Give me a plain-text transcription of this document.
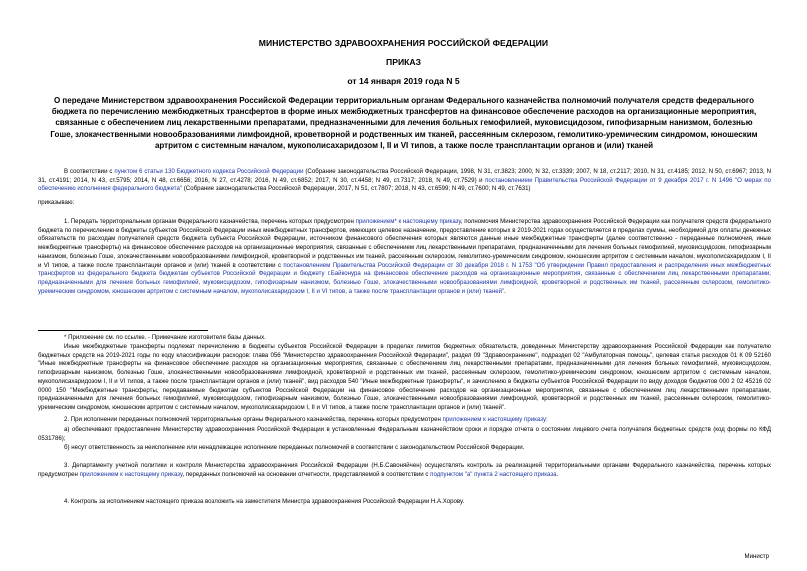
МИНИСТЕРСТВО ЗДРАВООХРАНЕНИЯ РОССИЙСКОЙ ФЕДЕРАЦИИ
ПРИКАЗ
от 14 января 2019 года N 5
О передаче Министерством здравоохранения Российской Федерации территориальным органам Федерального казначейства полномочий получателя средств федерального бюджета по перечислению межбюджетных трансфертов в форме иных межбюджетных трансфертов на финансовое обеспечение расходов на организационные мероприятия, связанные с обеспечением лиц лекарственными препаратами, предназначенными для лечения больных гемофилией, муковисцидозом, гипофизарным нанизмом, болезнью Гоше, злокачественными новообразованиями лимфоидной, кроветворной и родственных им тканей, рассеянным склерозом, гемолитико-уремическим синдромом, юношеским артритом с системным началом, мукополисахаридозом I, II и VI типов, а также после трансплантации органов и (или) тканей
В соответствии с пунктом 6 статьи 130 Бюджетного кодекса Российской Федерации (Собрание законодательства Российской Федерации, 1998, N 31, ст.3823; 2000, N 32, ст.3339; 2007, N 18, ст.2117; 2010, N 31, ст.4185; 2012, N 50, ст.6967; 2013, N 31, ст.4191; 2014, N 43, ст.5795; 2014, N 48, ст.6656; 2016, N 27, ст.4278; 2016, N 49, ст.6852; 2017, N 30, ст.4458; N 49, ст.7317; 2018, N 49, ст.7529) и постановлением Правительства Российской Федерации от 9 декабря 2017 г. N 1496 "О мерах по обеспечению исполнения федерального бюджета" (Собрание законодательства Российской Федерации, 2017, N 51, ст.7807; 2018, N 43, ст.6599; N 49, ст.7600; N 49, ст.7631)
приказываю:
1. Передать территориальным органам Федерального казначейства, перечень которых предусмотрен приложением* к настоящему приказу, полномочия Министерства здравоохранения Российской Федерации как получателя средств федерального бюджета по перечислению в бюджеты субъектов Российской Федерации иных межбюджетных трансфертов, имеющих целевое назначение, предоставление которых в 2019-2021 годах осуществляется в пределах суммы, необходимой для оплаты денежных обязательств по расходам получателей средств бюджета субъекта Российской Федерации, источником финансового обеспечения которых являются данные иные межбюджетные трансферты (далее соответственно - переданные полномочия, иные межбюджетные трансферты) на финансовое обеспечение расходов на организационные мероприятия, связанные с обеспечением лиц лекарственными препаратами, предназначенными для лечения больных гемофилией, муковисцидозом, гипофизарным нанизмом, болезнью Гоше, злокачественными новообразованиями лимфоидной, кроветворной и родственных им тканей, рассеянным склерозом, гемолитико-уремическим синдромом, юношеским артритом с системным началом, мукополисахаридозом I, II и VI типов, а также после трансплантации органов и (или) тканей в соответствии с постановлением Правительства Российской Федерации от 30 декабря 2018 г. N 1753 "Об утверждении Правил предоставления и распределения иных межбюджетных трансфертов из федерального бюджета бюджетам субъектов Российской Федерации и бюджету г.Байконура на финансовое обеспечение расходов на организационные мероприятия, связанные с обеспечением лиц лекарственными препаратами, предназначенными для лечения больных гемофилией, муковисцидозом, гипофизарным нанизмом, болезнью Гоше, злокачественными новообразованиями лимфоидной, кроветворной и родственных им тканей, рассеянным склерозом, гемолитико-уремическим синдромом, юношеским артритом с системным началом, мукополисахаридозом I, II и VI типов, а также после трансплантации органов и (или) тканей".
* Приложение см. по ссылке. - Примечание изготовителя базы данных.
Иные межбюджетные трансферты подлежат перечислению в бюджеты субъектов Российской Федерации в пределах лимитов бюджетных обязательств, доведенных Министерству здравоохранения Российской Федерации как получателю бюджетных средств на 2019-2021 годы по коду классификации расходов: глава 056 "Министерство здравоохранения Российской Федерации", раздел 09 "Здравоохранение", подраздел 02 "Амбулаторная помощь", целевая статья расходов 01 К 09 52160 "Иные межбюджетные трансферты на финансовое обеспечение расходов на организационные мероприятия, связанные с обеспечением лиц лекарственными препаратами, предназначенными для лечения больных гемофилией, муковисцидозом, гипофизарным нанизмом, болезнью Гоше, злокачественными новообразованиями лимфоидной, кроветворной и родственных им тканей, рассеянным склерозом, гемолитико-уремическим синдромом, юношеским артритом с системным началом, мукополисахаридозом I, II и VI типов, а также после трансплантации органов и (или) тканей", вид расходов 540 "Иные межбюджетные трансферты", и зачислению в бюджеты субъектов Российской Федерации по виду доходов бюджетов 000 2 02 45216 02 0000 150 "Межбюджетные трансферты, передаваемые бюджетам субъектов Российской Федерации на финансовое обеспечение расходов на организационные мероприятия, связанные с обеспечением лиц лекарственными препаратами, предназначенными для лечения больных гемофилией, муковисцидозом, гипофизарным нанизмом, болезнью Гоше, злокачественными новообразованиями лимфоидной, кроветворной и родственных им тканей, рассеянным склерозом, гемолитико-уремическим синдромом, юношеским артритом с системным началом, мукополисахаридозом I, II и VI типов, а также после трансплантации органов и (или) тканей".
2. При исполнении переданных полномочий территориальные органы Федерального казначейства, перечень которых предусмотрен приложением к настоящему приказу:
а) обеспечивают предоставление Министерству здравоохранения Российской Федерации в установленные Федеральным казначейством сроки и порядке отчета о состоянии лицевого счета получателя бюджетных средств (код формы по КФД 0531786);
б) несут ответственность за неисполнение или ненадлежащее исполнение переданных полномочий в соответствии с законодательством Российской Федерации.
3. Департаменту учетной политики и контроля Министерства здравоохранения Российской Федерации (Н.Б.Савоняйчен) осуществлять контроль за реализацией территориальными органами Федерального казначейства, перечень которых предусмотрен приложением к настоящему приказу, переданных полномочий на основании отчетности, представляемой в соответствии с подпунктом "а" пункта 2 настоящего приказа.
4. Контроль за исполнением настоящего приказа возложить на заместителя Министра здравоохранения Российской Федерации Н.А.Хорову.
Министр
